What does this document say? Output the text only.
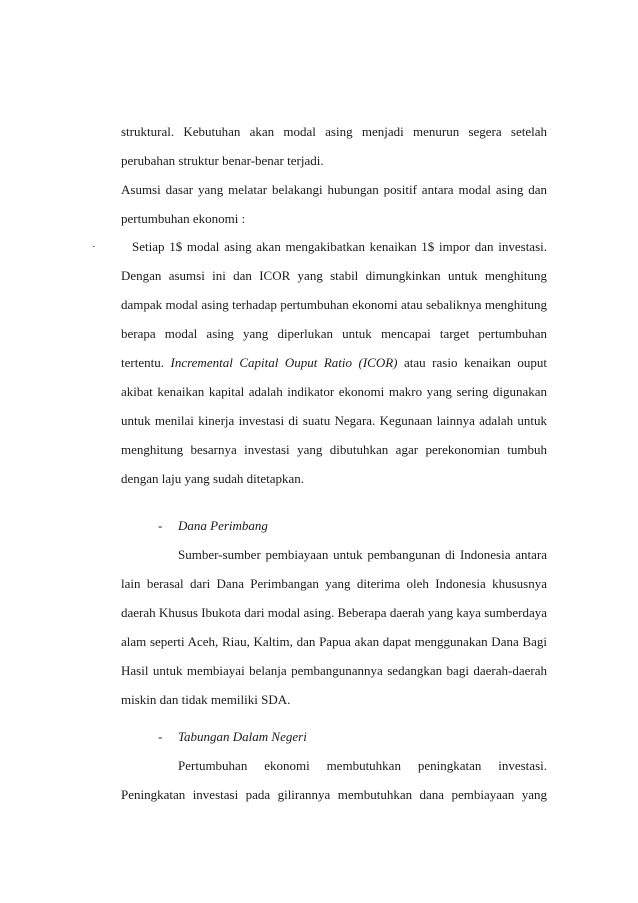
struktural. Kebutuhan akan modal asing menjadi menurun segera setelah
perubahan struktur benar-benar terjadi.
Asumsi dasar yang melatar belakangi hubungan positif antara modal asing dan
pertumbuhan ekonomi :
·	Setiap 1$ modal asing akan mengakibatkan kenaikan 1$ impor dan investasi.
Dengan asumsi ini dan ICOR yang stabil dimungkinkan untuk menghitung
dampak modal asing terhadap pertumbuhan ekonomi atau sebaliknya menghitung
berapa modal asing yang diperlukan untuk mencapai target pertumbuhan
tertentu. Incremental Capital Ouput Ratio (ICOR) atau rasio kenaikan ouput
akibat kenaikan kapital adalah indikator ekonomi makro yang sering digunakan
untuk menilai kinerja investasi di suatu Negara. Kegunaan lainnya adalah untuk
menghitung besarnya investasi yang dibutuhkan agar perekonomian tumbuh
dengan laju yang sudah ditetapkan.
- Dana Perimbang
Sumber-sumber pembiayaan untuk pembangunan di Indonesia antara
lain berasal dari Dana Perimbangan yang diterima oleh Indonesia khususnya
daerah Khusus Ibukota dari modal asing. Beberapa daerah yang kaya sumberdaya
alam seperti Aceh, Riau, Kaltim, dan Papua akan dapat menggunakan Dana Bagi
Hasil untuk membiayai belanja pembangunannya sedangkan bagi daerah-daerah
miskin dan tidak memiliki SDA.
- Tabungan Dalam Negeri
Pertumbuhan ekonomi membutuhkan peningkatan investasi.
Peningkatan investasi pada gilirannya membutuhkan dana pembiayaan yang
